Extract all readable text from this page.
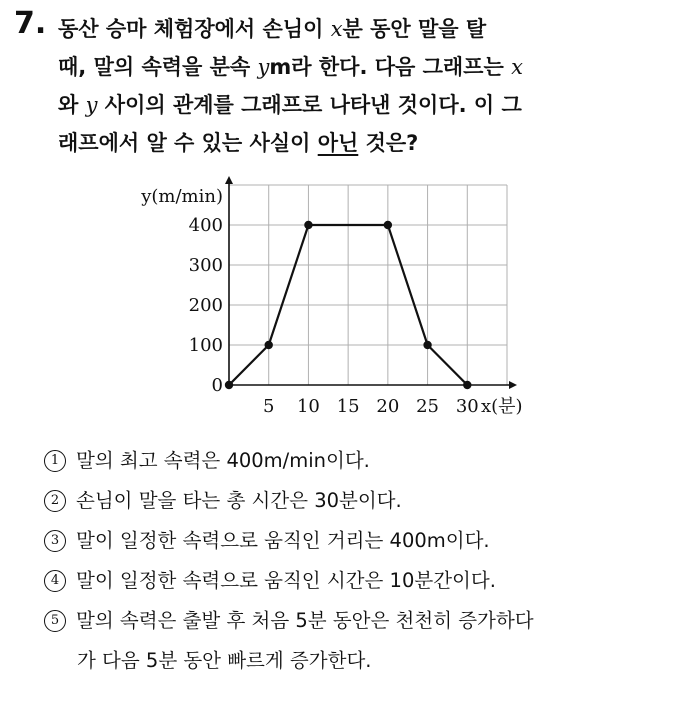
7. 동산 승마 체험장에서 손님이 x분 동안 말을 탈
때, 말의 속력을 분속 ym라 한다. 다음 그래프는 x
와 y 사이의 관계를 그래프로 나타낸 것이다. 이 그
래프에서 알 수 있는 사실이 아닌 것은?
0
100
200
300
400
5 10 15 20 25 30
y(m/min)
x(분)
1 말의 최고 속력은 400m/min이다.
2 손님이 말을 타는 총 시간은 30분이다.
3 말이 일정한 속력으로 움직인 거리는 400m이다.
4 말이 일정한 속력으로 움직인 시간은 10분간이다.
5 말의 속력은 출발 후 처음 5분 동안은 천천히 증가하다
가 다음 5분 동안 빠르게 증가한다.
